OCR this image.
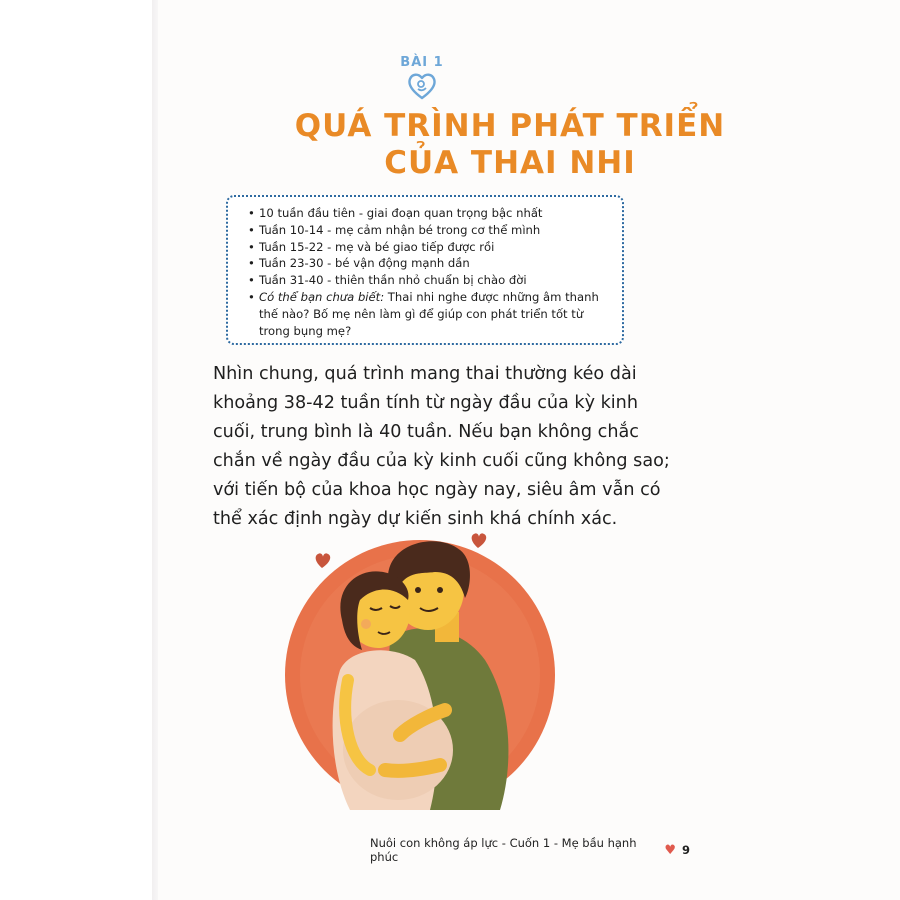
BÀI 1
QUÁ TRÌNH PHÁT TRIỂN
CỦA THAI NHI
• 10 tuần đầu tiên - giai đoạn quan trọng bậc nhất
• Tuần 10-14 - mẹ cảm nhận bé trong cơ thể mình
• Tuần 15-22 - mẹ và bé giao tiếp được rồi
• Tuần 23-30 - bé vận động mạnh dần
• Tuần 31-40 - thiên thần nhỏ chuẩn bị chào đời
• Có thể bạn chưa biết: Thai nhi nghe được những âm thanh thế nào? Bố mẹ nên làm gì để giúp con phát triển tốt từ trong bụng mẹ?

Nhìn chung, quá trình mang thai thường kéo dài khoảng 38-42 tuần tính từ ngày đầu của kỳ kinh cuối, trung bình là 40 tuần. Nếu bạn không chắc chắn về ngày đầu của kỳ kinh cuối cũng không sao; với tiến bộ của khoa học ngày nay, siêu âm vẫn có thể xác định ngày dự kiến sinh khá chính xác.

Nuôi con không áp lực - Cuốn 1 - Mẹ bầu hạnh phúc	♥ 9
